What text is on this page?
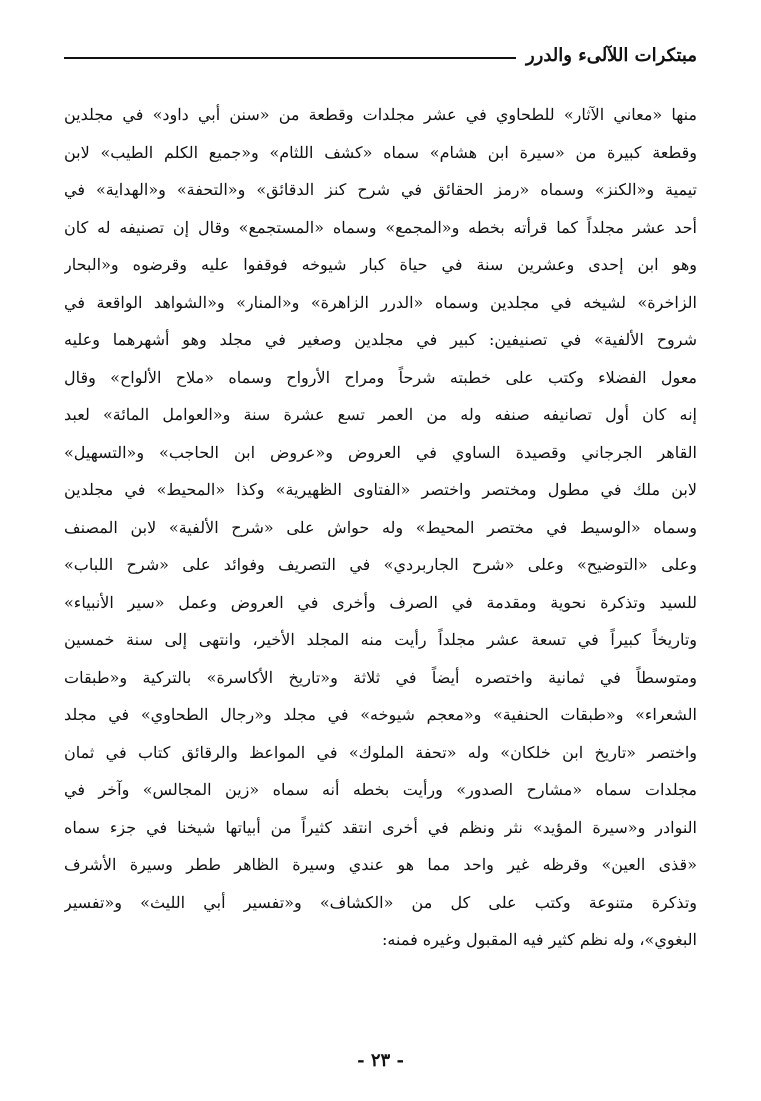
مبتكرات اللآلىء والدرر
منها «معاني الآثار» للطحاوي في عشر مجلدات وقطعة من «سنن أبي داود» في مجلدين
وقطعة كبيرة من «سيرة ابن هشام» سماه «كشف اللثام» و«جميع الكلم الطيب» لابن
تيمية و«الكنز» وسماه «رمز الحقائق في شرح كنز الدقائق» و«التحفة» و«الهداية» في
أحد عشر مجلداً كما قرأته بخطه و«المجمع» وسماه «المستجمع» وقال إن تصنيفه له كان
وهو ابن إحدى وعشرين سنة في حياة كبار شيوخه فوقفوا عليه وقرضوه و«البحار
الزاخرة» لشيخه في مجلدين وسماه «الدرر الزاهرة» و«المنار» و«الشواهد الواقعة في
شروح الألفية» في تصنيفين: كبير في مجلدين وصغير في مجلد وهو أشهرهما وعليه
معول الفضلاء وكتب على خطبته شرحاً ومراح الأرواح وسماه «ملاح الألواح» وقال
إنه كان أول تصانيفه صنفه وله من العمر تسع عشرة سنة و«العوامل المائة» لعبد
القاهر الجرجاني وقصيدة الساوي في العروض و«عروض ابن الحاجب» و«التسهيل»
لابن ملك في مطول ومختصر واختصر «الفتاوى الظهيرية» وكذا «المحيط» في مجلدين
وسماه «الوسيط في مختصر المحيط» وله حواش على «شرح الألفية» لابن المصنف
وعلى «التوضيح» وعلى «شرح الجاربردي» في التصريف وفوائد على «شرح اللباب»
للسيد وتذكرة نحوية ومقدمة في الصرف وأخرى في العروض وعمل «سير الأنبياء»
وتاريخاً كبيراً في تسعة عشر مجلداً رأيت منه المجلد الأخير، وانتهى إلى سنة خمسين
ومتوسطاً في ثمانية واختصره أيضاً في ثلاثة و«تاريخ الأكاسرة» بالتركية و«طبقات
الشعراء» و«طبقات الحنفية» و«معجم شيوخه» في مجلد و«رجال الطحاوي» في مجلد
واختصر «تاريخ ابن خلكان» وله «تحفة الملوك» في المواعظ والرقائق كتاب في ثمان
مجلدات سماه «مشارح الصدور» ورأيت بخطه أنه سماه «زين المجالس» وآخر في
النوادر و«سيرة المؤيد» نثر ونظم في أخرى انتقد كثيراً من أبياتها شيخنا في جزء سماه
«قذى العين» وقرظه غير واحد مما هو عندي وسيرة الظاهر ططر وسيرة الأشرف
وتذكرة متنوعة وكتب على كل من «الكشاف» و«تفسير أبي الليث» و«تفسير
البغوي»، وله نظم كثير فيه المقبول وغيره فمنه:
- ٢٣ -
